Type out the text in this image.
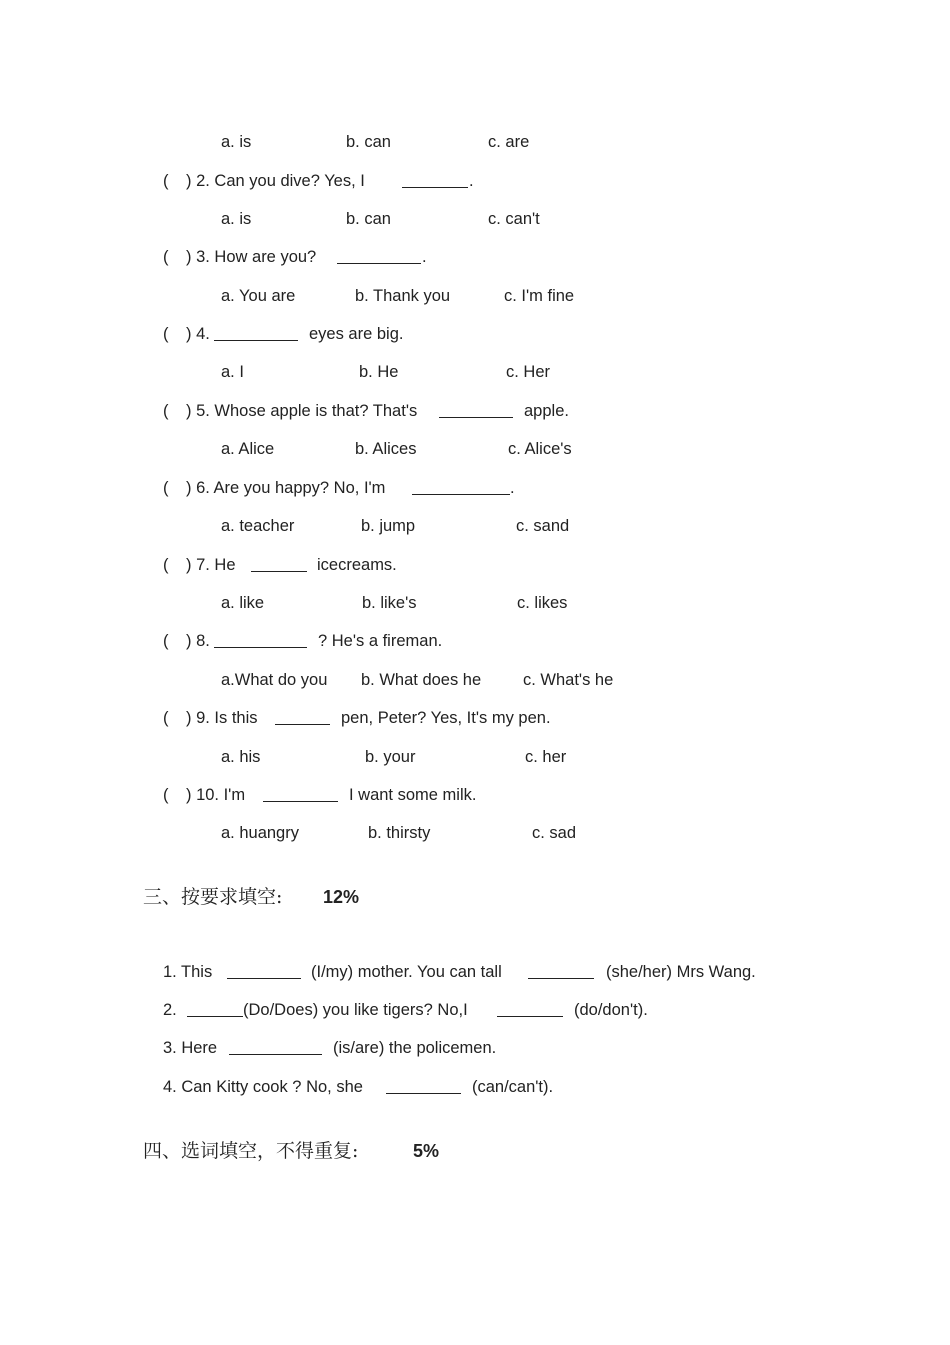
a. is	b. can	c. are
( ) 2. Can you dive? Yes, I	.
a. is	b. can	c. can't
( ) 3. How are you?	.
a. You are	b. Thank you	c. I'm fine
( ) 4.	eyes are big.
a. I	b. He	c. Her
( ) 5. Whose apple is that? That's	apple.
a. Alice	b. Alices	c. Alice's
( ) 6. Are you happy? No, I'm	.
a. teacher	b. jump	c. sand
( ) 7. He	icecreams.
a. like	b. like's	c. likes
( ) 8.	? He's a fireman.
a.What do you b. What does he	c. What's he
( ) 9. Is this	pen, Peter? Yes, It's my pen.
a. his	b. your	c. her
( ) 10. I'm	I want some milk.
a. huangry	b. thirsty	c. sad
三、按要求填空: 12%
1. This	(I/my) mother. You can tall	(she/her) Mrs Wang.
2.	(Do/Does) you like tigers? No,I	(do/don't).
3. Here	(is/are) the policemen.
4. Can Kitty cook ? No, she	(can/can't).
四、选词填空，不得重复:	5%
